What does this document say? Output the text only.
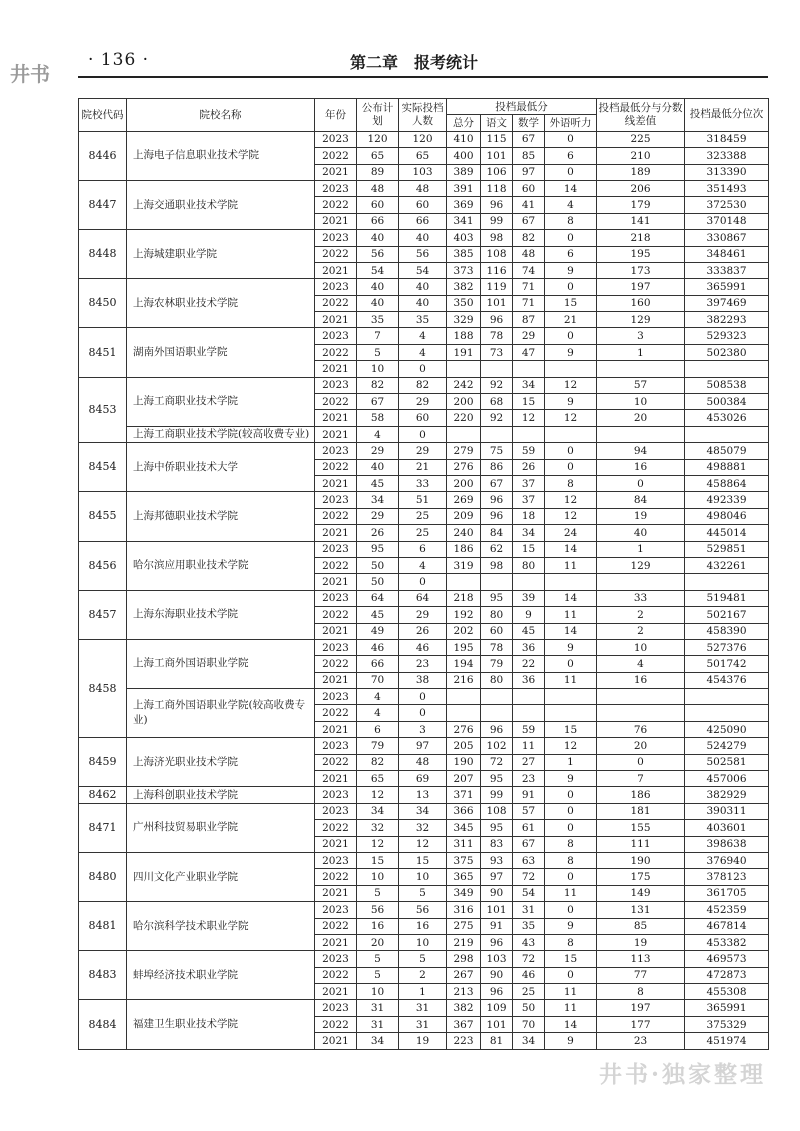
井书
· 136 ·	第二章　报考统计
院校代码	院校名称	年份	公布计划	实际投档人数	投档最低分				投档最低分与分数线差值	投档最低分位次
					总分	语文	数学	外语听力		
8446	上海电子信息职业技术学院	2023	120	120	410	115	67	0	225	318459
		2022	65	65	400	101	85	6	210	323388
		2021	89	103	389	106	97	0	189	313390
8447	上海交通职业技术学院	2023	48	48	391	118	60	14	206	351493
		2022	60	60	369	96	41	4	179	372530
		2021	66	66	341	99	67	8	141	370148
8448	上海城建职业学院	2023	40	40	403	98	82	0	218	330867
		2022	56	56	385	108	48	6	195	348461
		2021	54	54	373	116	74	9	173	333837
8450	上海农林职业技术学院	2023	40	40	382	119	71	0	197	365991
		2022	40	40	350	101	71	15	160	397469
		2021	35	35	329	96	87	21	129	382293
8451	湖南外国语职业学院	2023	7	4	188	78	29	0	3	529323
		2022	5	4	191	73	47	9	1	502380
		2021	10	0						
8453	上海工商职业技术学院	2023	82	82	242	92	34	12	57	508538
		2022	67	29	200	68	15	9	10	500384
		2021	58	60	220	92	12	12	20	453026
	上海工商职业技术学院(较高收费专业)	2021	4	0						
8454	上海中侨职业技术大学	2023	29	29	279	75	59	0	94	485079
		2022	40	21	276	86	26	0	16	498881
		2021	45	33	200	67	37	8	0	458864
8455	上海邦德职业技术学院	2023	34	51	269	96	37	12	84	492339
		2022	29	25	209	96	18	12	19	498046
		2021	26	25	240	84	34	24	40	445014
8456	哈尔滨应用职业技术学院	2023	95	6	186	62	15	14	1	529851
		2022	50	4	319	98	80	11	129	432261
		2021	50	0						
8457	上海东海职业技术学院	2023	64	64	218	95	39	14	33	519481
		2022	45	29	192	80	9	11	2	502167
		2021	49	26	202	60	45	14	2	458390
8458	上海工商外国语职业学院	2023	46	46	195	78	36	9	10	527376
		2022	66	23	194	79	22	0	4	501742
		2021	70	38	216	80	36	11	16	454376
	上海工商外国语职业学院(较高收费专业)	2023	4	0						
		2022	4	0						
		2021	6	3	276	96	59	15	76	425090
8459	上海济光职业技术学院	2023	79	97	205	102	11	12	20	524279
		2022	82	48	190	72	27	1	0	502581
		2021	65	69	207	95	23	9	7	457006
8462	上海科创职业技术学院	2023	12	13	371	99	91	0	186	382929
8471	广州科技贸易职业学院	2023	34	34	366	108	57	0	181	390311
		2022	32	32	345	95	61	0	155	403601
		2021	12	12	311	83	67	8	111	398638
8480	四川文化产业职业学院	2023	15	15	375	93	63	8	190	376940
		2022	10	10	365	97	72	0	175	378123
		2021	5	5	349	90	54	11	149	361705
8481	哈尔滨科学技术职业学院	2023	56	56	316	101	31	0	131	452359
		2022	16	16	275	91	35	9	85	467814
		2021	20	10	219	96	43	8	19	453382
8483	蚌埠经济技术职业学院	2023	5	5	298	103	72	15	113	469573
		2022	5	2	267	90	46	0	77	472873
		2021	10	1	213	96	25	11	8	455308
8484	福建卫生职业技术学院	2023	31	31	382	109	50	11	197	365991
		2022	31	31	367	101	70	14	177	375329
		2021	34	19	223	81	34	9	23	451974
井书·独家整理
